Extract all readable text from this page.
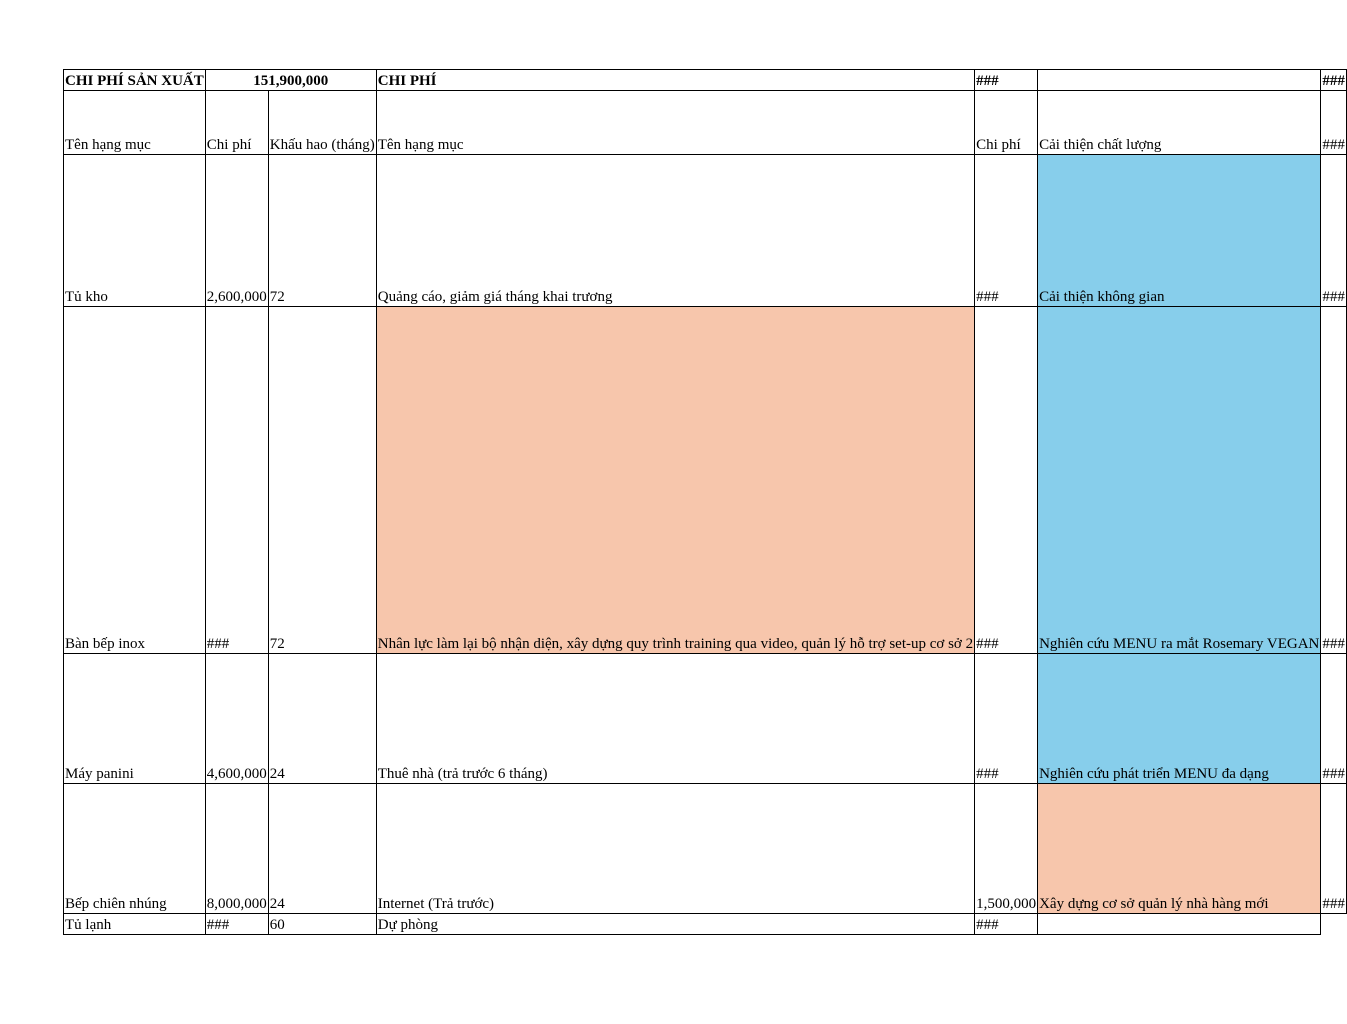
CHI PHÍ SẢN XUẤT	151,900,000		CHI PHÍ	###		###

Tên hạng mục	Chi phí	Khấu hao (tháng)	Tên hạng mục	Chi phí	Cải thiện chất lượng	###

Tủ kho	2,600,000	72	Quảng cáo, giảm giá tháng khai trương	###	Cải thiện không gian	###

Bàn bếp inox	###	72	Nhân lực làm lại bộ nhận diện, xây dựng quy trình training qua video, quản lý hỗ trợ set-up cơ sở 2	###	Nghiên cứu MENU ra mắt Rosemary VEGAN	###

Máy panini	4,600,000	24	Thuê nhà (trả trước 6 tháng)	###	Nghiên cứu phát triển MENU đa dạng	###

Bếp chiên nhúng	8,000,000	24	Internet (Trả trước)	1,500,000	Xây dựng cơ sở quản lý nhà hàng mới	###

Tủ lạnh	###	60	Dự phòng	###	
